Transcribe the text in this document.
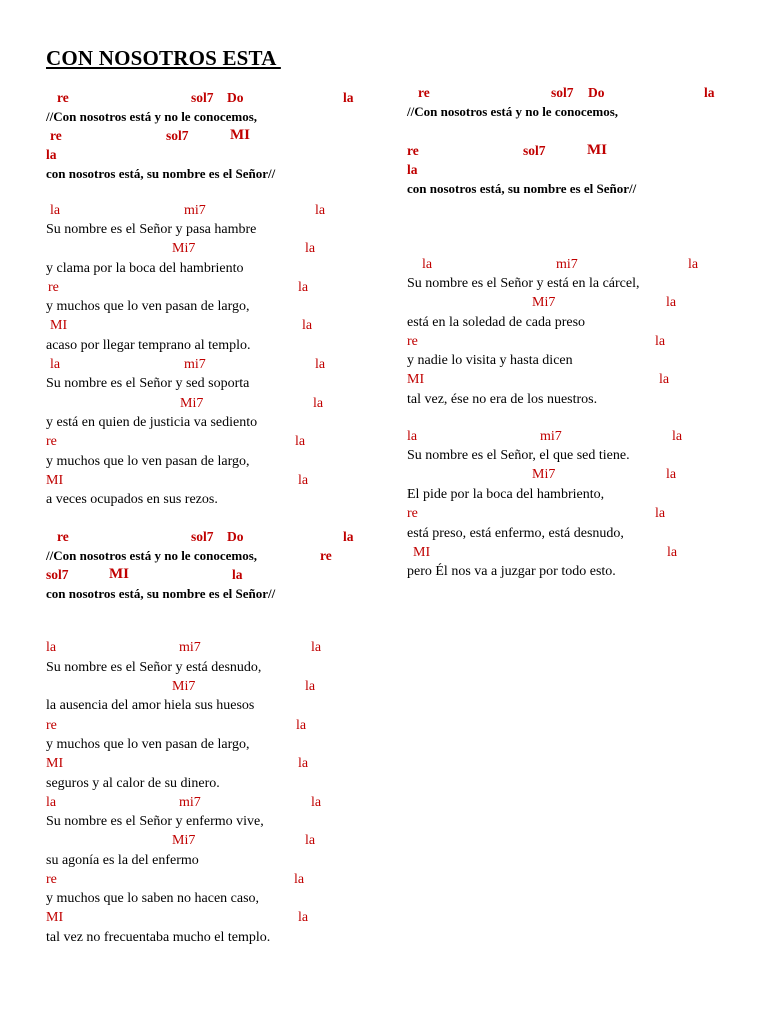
CON NOSOTROS ESTA
re	sol7 Do	la
//Con nosotros está y no le conocemos,
re	sol7	MI
la
con nosotros está, su nombre es el Señor//
la	mi7	la
Su nombre es el Señor y pasa hambre
Mi7	la
y clama por la boca del hambriento
re	la
y muchos que lo ven pasan de largo,
MI	la
acaso por llegar temprano al templo.
la	mi7	la
Su nombre es el Señor y sed soporta
Mi7	la
y está en quien de justicia va sediento
re	la
y muchos que lo ven pasan de largo,
MI	la
a veces ocupados en sus rezos.
re	sol7 Do	la
//Con nosotros está y no le conocemos,	re
sol7	MI	la
con nosotros está, su nombre es el Señor//
la	mi7	la
Su nombre es el Señor y está desnudo,
Mi7	la
la ausencia del amor hiela sus huesos
re	la
y muchos que lo ven pasan de largo,
MI	la
seguros y al calor de su dinero.
la	mi7	la
Su nombre es el Señor y enfermo vive,
Mi7	la
su agonía es la del enfermo
re	la
y muchos que lo saben no hacen caso,
MI	la
tal vez no frecuentaba mucho el templo.
re	sol7 Do	la
//Con nosotros está y no le conocemos,
re	sol7	MI
la
con nosotros está, su nombre es el Señor//
la	mi7	la
Su nombre es el Señor y está en la cárcel,
Mi7	la
está en la soledad de cada preso
re	la
y nadie lo visita y hasta dicen
MI	la
tal vez, ése no era de los nuestros.
la	mi7	la
Su nombre es el Señor, el que sed tiene.
Mi7	la
El pide por la boca del hambriento,
re	la
está preso, está enfermo, está desnudo,
MI	la
pero Él nos va a juzgar por todo esto.
